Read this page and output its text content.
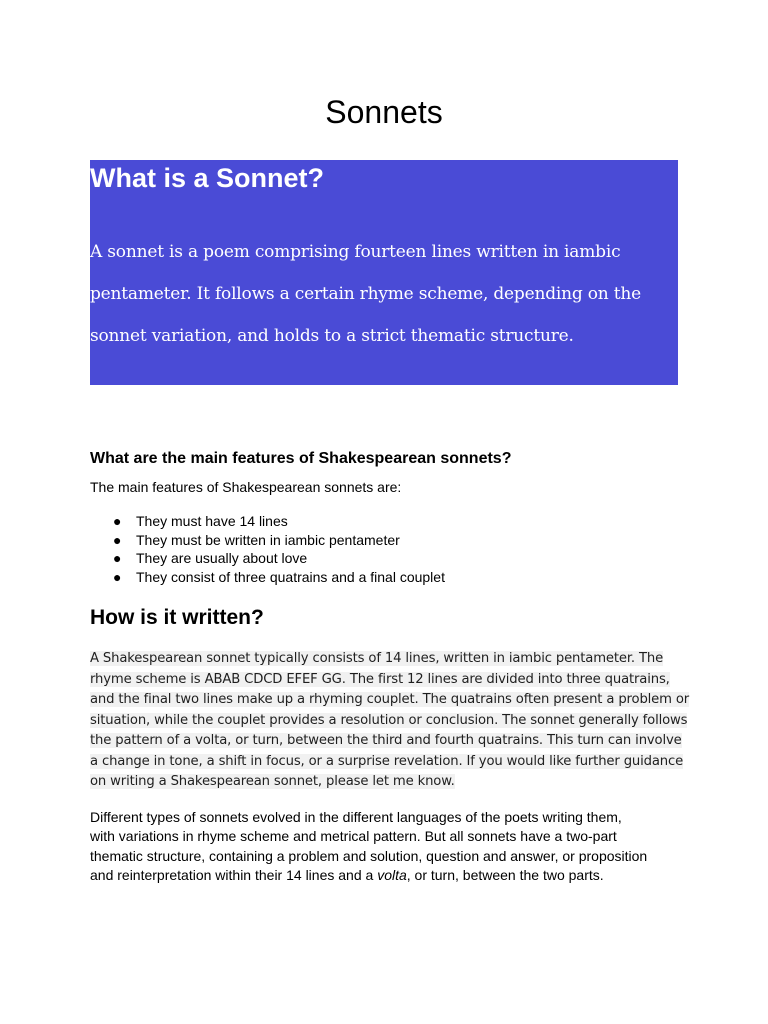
Sonnets
What is a Sonnet?

A sonnet is a poem comprising fourteen lines written in iambic pentameter. It follows a certain rhyme scheme, depending on the sonnet variation, and holds to a strict thematic structure.

What are the main features of Shakespearean sonnets?

The main features of Shakespearean sonnets are:

● They must have 14 lines
● They must be written in iambic pentameter
● They are usually about love
● They consist of three quatrains and a final couplet
How is it written?

A Shakespearean sonnet typically consists of 14 lines, written in iambic pentameter. The rhyme scheme is ABAB CDCD EFEF GG. The first 12 lines are divided into three quatrains, and the final two lines make up a rhyming couplet. The quatrains often present a problem or situation, while the couplet provides a resolution or conclusion. The sonnet generally follows the pattern of a volta, or turn, between the third and fourth quatrains. This turn can involve a change in tone, a shift in focus, or a surprise revelation. If you would like further guidance on writing a Shakespearean sonnet, please let me know.

Different types of sonnets evolved in the different languages of the poets writing them, with variations in rhyme scheme and metrical pattern. But all sonnets have a two-part thematic structure, containing a problem and solution, question and answer, or proposition and reinterpretation within their 14 lines and a volta, or turn, between the two parts.
